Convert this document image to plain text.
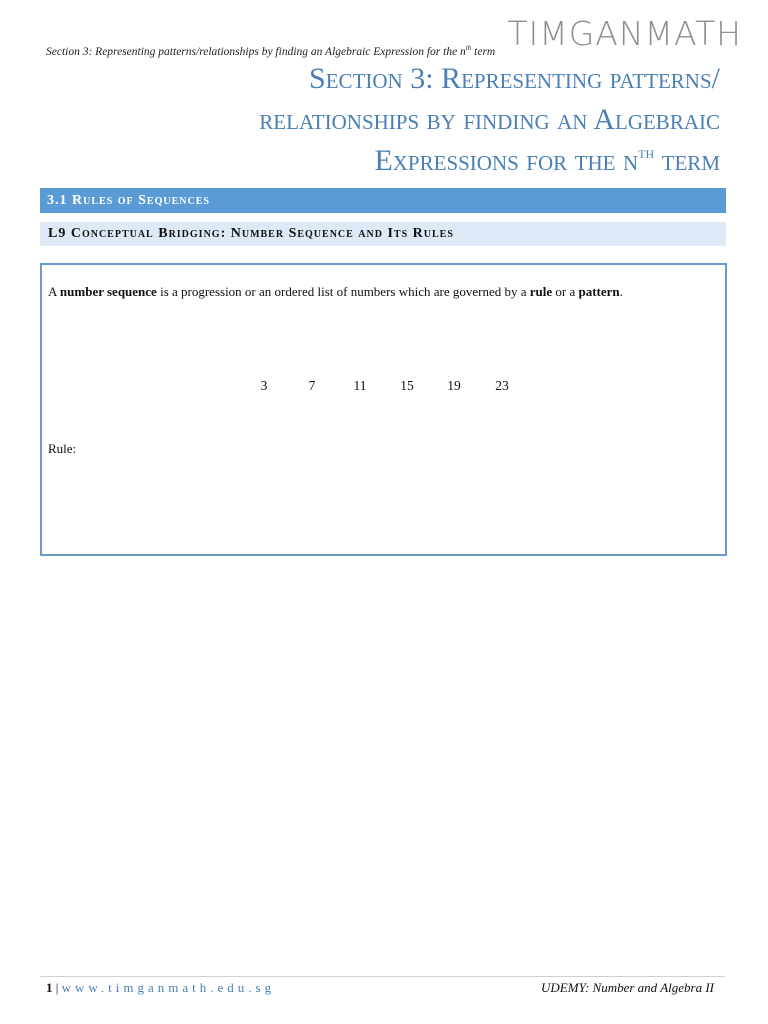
Section 3: Representing patterns/relationships by finding an Algebraic Expression for the $n^{th}$ term TIMGANMATH
Section 3: Representing patterns/
relationships by finding an Algebraic
Expressions for the $n^{th}$ term
3.1 Rules of Sequences
L9 Conceptual Bridging: Number Sequence and Its Rules
A number sequence is a progression or an ordered list of numbers which are governed by a rule or a pattern.
3	7	11	15 19	23
Rule:
1 | www.timganmath.edu.sg	UDEMY: Number and Algebra II
